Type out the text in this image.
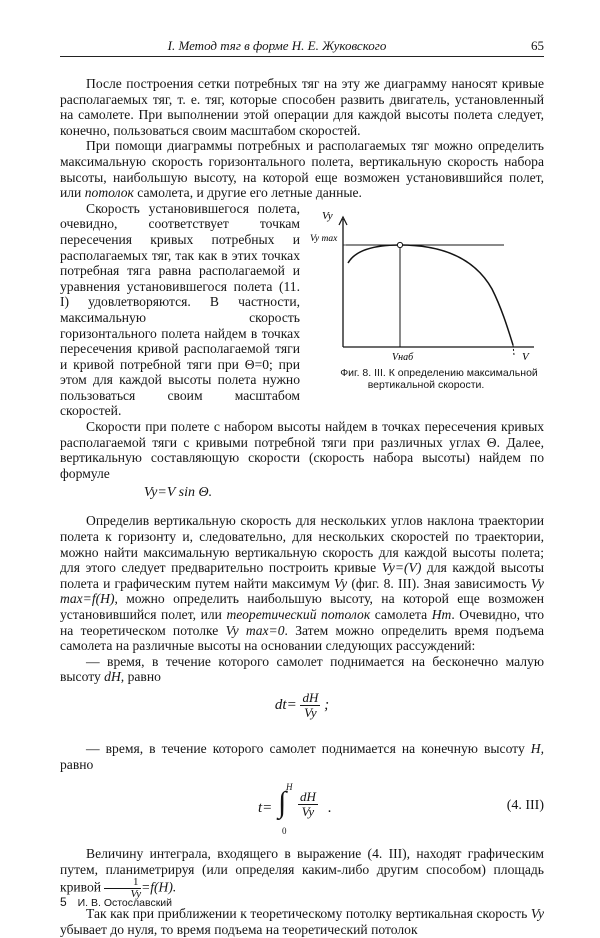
I. Метод тяг в форме Н. Е. Жуковского	65

После построения сетки потребных тяг на эту же диаграмму наносят кривые располагаемых тяг, т. е. тяг, которые способен развить двигатель, установленный на самолете. При выполнении этой операции для каждой высоты полета следует, конечно, пользоваться своим масштабом скоростей.

При помощи диаграммы потребных и располагаемых тяг можно определить максимальную скорость горизонтального полета, вертикальную скорость набора высоты, наибольшую высоту, на которой еще возможен установившийся полет, или потолок самолета, и другие его летные данные.

Vy
Vy max
Vнаб	V
Фиг. 8. III. К определению максимальной вертикальной скорости.
Скорость установившегося полета, очевидно, соответствует точкам пересечения кривых потребных и располагаемых тяг, так как в этих точках потребная тяга равна располагаемой и уравнения установившегося полета (11. I) удовлетворяются. В частности, максимальную скорость горизонтального полета найдем в точках пересечения кривой располагаемой тяги и кривой потребной тяги при Θ=0; при этом для каждой высоты полета нужно пользоваться своим масштабом скоростей.

Скорости при полете с набором высоты найдем в точках пересечения кривых располагаемой тяги с кривыми потребной тяги при различных углах Θ. Далее, вертикальную составляющую скорости (скорость набора высоты) найдем по формуле

Vy=V sin Θ.

Определив вертикальную скорость для нескольких углов наклона траектории полета к горизонту и, следовательно, для нескольких скоростей по траектории, можно найти максимальную вертикальную скорость для каждой высоты полета; для этого следует предварительно построить кривые Vy=(V) для каждой высоты полета и графическим путем найти максимум Vy (фиг. 8. III). Зная зависимость Vy max=f(H), можно определить наибольшую высоту, на которой еще возможен установившийся полет, или теоретический потолок самолета Hт. Очевидно, что на теоретическом потолке Vy max=0. Затем можно определить время подъема самолета на различные высоты на основании следующих рассуждений:

— время, в течение которого самолет поднимается на бесконечно малую высоту dH, равно

$dt= \frac{dH}{Vy}$ ;

— время, в течение которого самолет поднимается на конечную высоту H, равно

t= ∫ H
0
$\frac{dH}{Vy}$ .	(4. III)

Величину интеграла, входящего в выражение (4. III), находят графическим путем, планиметрируя (или определяя каким-либо другим способом) площадь кривой $\frac{1}{Vy} =f(H)$.

Так как при приближении к теоретическому потолку вертикальная скорость Vy убывает до нуля, то время подъема на теоретический потолок

5 И. В. Остославский
